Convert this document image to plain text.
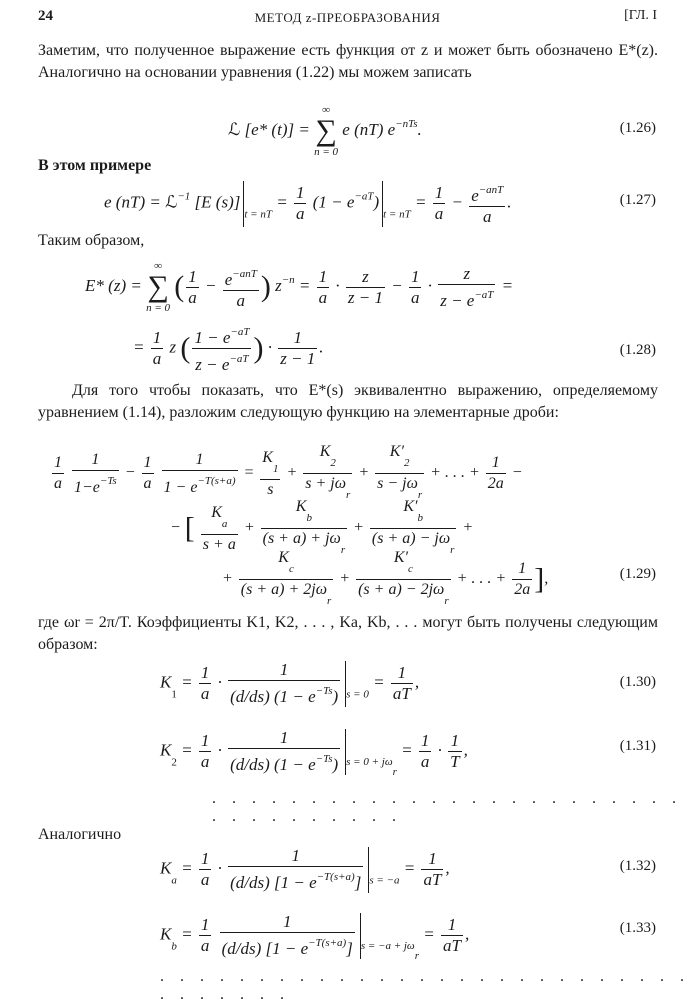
24	МЕТОД z-ПРЕОБРАЗОВАНИЯ	[ГЛ. I
Заметим, что полученное выражение есть функция от z и может быть обозначено E*(z). Аналогично на основании уравнения (1.22) мы можем записать
ℒ [e* (t)] =
∞
∑
n = 0
e (nT) $e^{-nTs}$.	(1.26)
В этом примере
e (nT) = ℒ$^{-1}$ [E $(s)]_{t = nT} = \frac{1}{a} (1 - e^{-aT})_{t = nT} = \frac{1}{a} - \frac{e^{-anT}}{a}$ .	(1.27)
Таким образом,
E* (z) =
∞
∑
n = 0
( $\frac{1}{a} - \frac{e^{-anT}}{a}$ ) $z^{-n} = \frac{1}{a} \cdot \frac{z}{z - 1} - \frac{1}{a} \cdot \frac{z}{z - e^{-aT}}$ =
= $\frac{1}{a}$ z ( $\frac{1 - e^{-aT}}{z - e^{-aT}}$ ) · $\frac{1}{z - 1}$ .	(1.28)
Для того чтобы показать, что E*(s) эквивалентно выражению, определяемому уравнением (1.14), разложим следующую функцию на элементарные дроби:
$\frac{1}{a}$
$\frac{1}{1-e^{-Ts}} - \frac{1}{a}$
$\frac{1}{1 - e^{-T(s+a)}} = \frac{K_1}{s} + \frac{K_2}{s + j\omega_r} + \frac{K'_2}{s - j\omega_r}$ + . . . + $\frac{1}{2a}$ −
− [ $\frac{K_a}{s + a} + \frac{K_b}{(s + a) + j\omega_r} + \frac{K'_b}{(s + a) - j\omega_r}$ +
+ $\frac{K_c}{(s + a) + 2j\omega_r} + \frac{K'_c}{(s + a) - 2j\omega_r}$ + . . . + $\frac{1}{2a}$ ],	(1.29)
где ωr = 2π/T. Коэффициенты K1, K2, . . . , Ka, Kb, . . . могут быть получены следующим образом:
$K_1 = \frac{1}{a} \cdot \frac{1}{(d/ds) (1 - e^{-Ts})} _{s = 0} = \frac{1}{aT}$ ,	(1.30)
$K_2 = \frac{1}{a} \cdot \frac{1}{(d/ds) (1 - e^{-Ts})} _{s = 0 + j\omega r} = \frac{1}{a} \cdot \frac{1}{T}$ ,	(1.31)
. . . . . . . . . . . . . . . . . . . . . . . . . . . . . . . . . .
Аналогично
$K_a = \frac{1}{a} \cdot \frac{1}{(d/ds) [1 - e^{-T(s+a)}]} _{s = -a} = \frac{1}{aT}$ ,	(1.32)
$K_b = \frac{1}{a}$
$\frac{1}{(d/ds) [1 - e^{-T(s+a)}]} _{s = -a + j\omega r} = \frac{1}{aT}$ ,	(1.33)
. . . . . . . . . . . . . . . . . . . . . . . . . . . . . . . . . .
